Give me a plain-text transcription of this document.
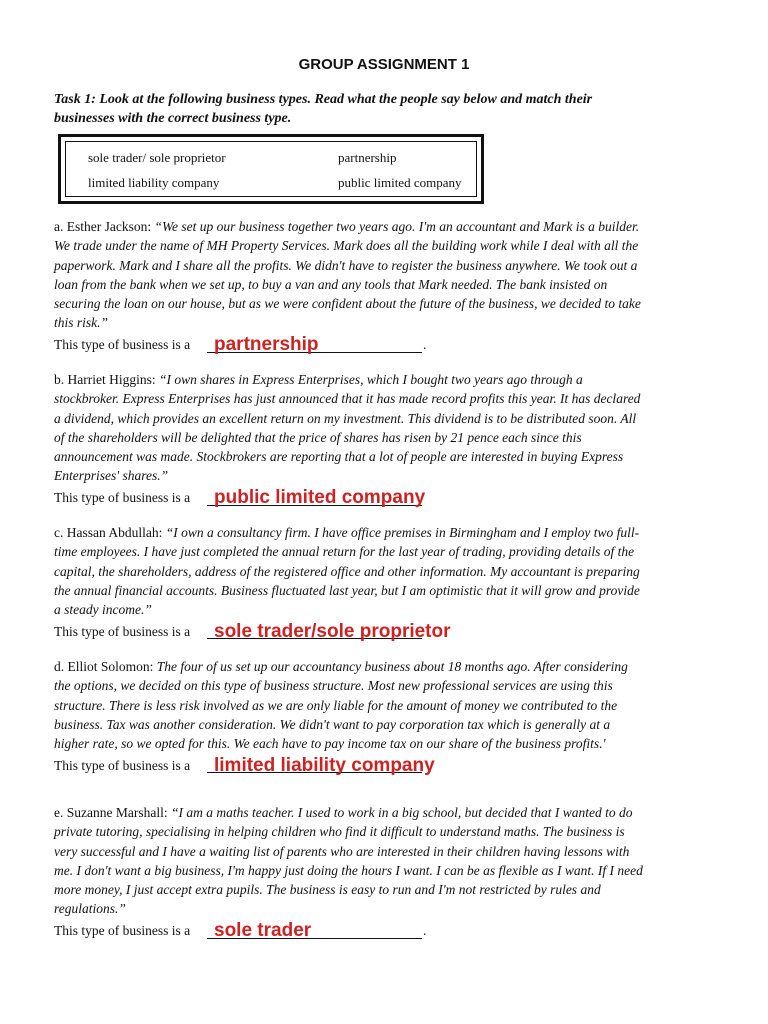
GROUP ASSIGNMENT 1
Task 1: Look at the following business types. Read what the people say below and match their businesses with the correct business type.
sole trader/ sole proprietor	partnership
limited liability company	public limited company

a. Esther Jackson: “We set up our business together two years ago. I'm an accountant and Mark is a builder. We trade under the name of MH Property Services. Mark does all the building work while I deal with all the paperwork. Mark and I share all the profits. We didn't have to register the business anywhere. We took out a loan from the bank when we set up, to buy a van and any tools that Mark needed. The bank insisted on securing the loan on our house, but as we were confident about the future of the business, we decided to take this risk.”

This type of business is a	.
partnership

b. Harriet Higgins: “I own shares in Express Enterprises, which I bought two years ago through a stockbroker. Express Enterprises has just announced that it has made record profits this year. It has declared a dividend, which provides an excellent return on my investment. This dividend is to be distributed soon. All of the shareholders will be delighted that the price of shares has risen by 21 pence each since this announcement was made. Stockbrokers are reporting that a lot of people are interested in buying Express Enterprises' shares.”

This type of business is a public limited company

c. Hassan Abdullah: “I own a consultancy firm. I have office premises in Birmingham and I employ two full-time employees. I have just completed the annual return for the last year of trading, providing details of the capital, the shareholders, address of the registered office and other information. My accountant is preparing the annual financial accounts. Business fluctuated last year, but I am optimistic that it will grow and provide a steady income.”

This type of business is a sole trader/sole proprietor

d. Elliot Solomon: The four of us set up our accountancy business about 18 months ago. After considering the options, we decided on this type of business structure. Most new professional services are using this structure. There is less risk involved as we are only liable for the amount of money we contributed to the business. Tax was another consideration. We didn't want to pay corporation tax which is generally at a higher rate, so we opted for this. We each have to pay income tax on our share of the business profits.'

This type of business is a limited liability company

e. Suzanne Marshall: “I am a maths teacher. I used to work in a big school, but decided that I wanted to do private tutoring, specialising in helping children who find it difficult to understand maths. The business is very successful and I have a waiting list of parents who are interested in their children having lessons with me. I don't want a big business, I'm happy just doing the hours I want. I can be as flexible as I want. If I need more money, I just accept extra pupils. The business is easy to run and I'm not restricted by rules and regulations.”

This type of business is a	.
sole trader
